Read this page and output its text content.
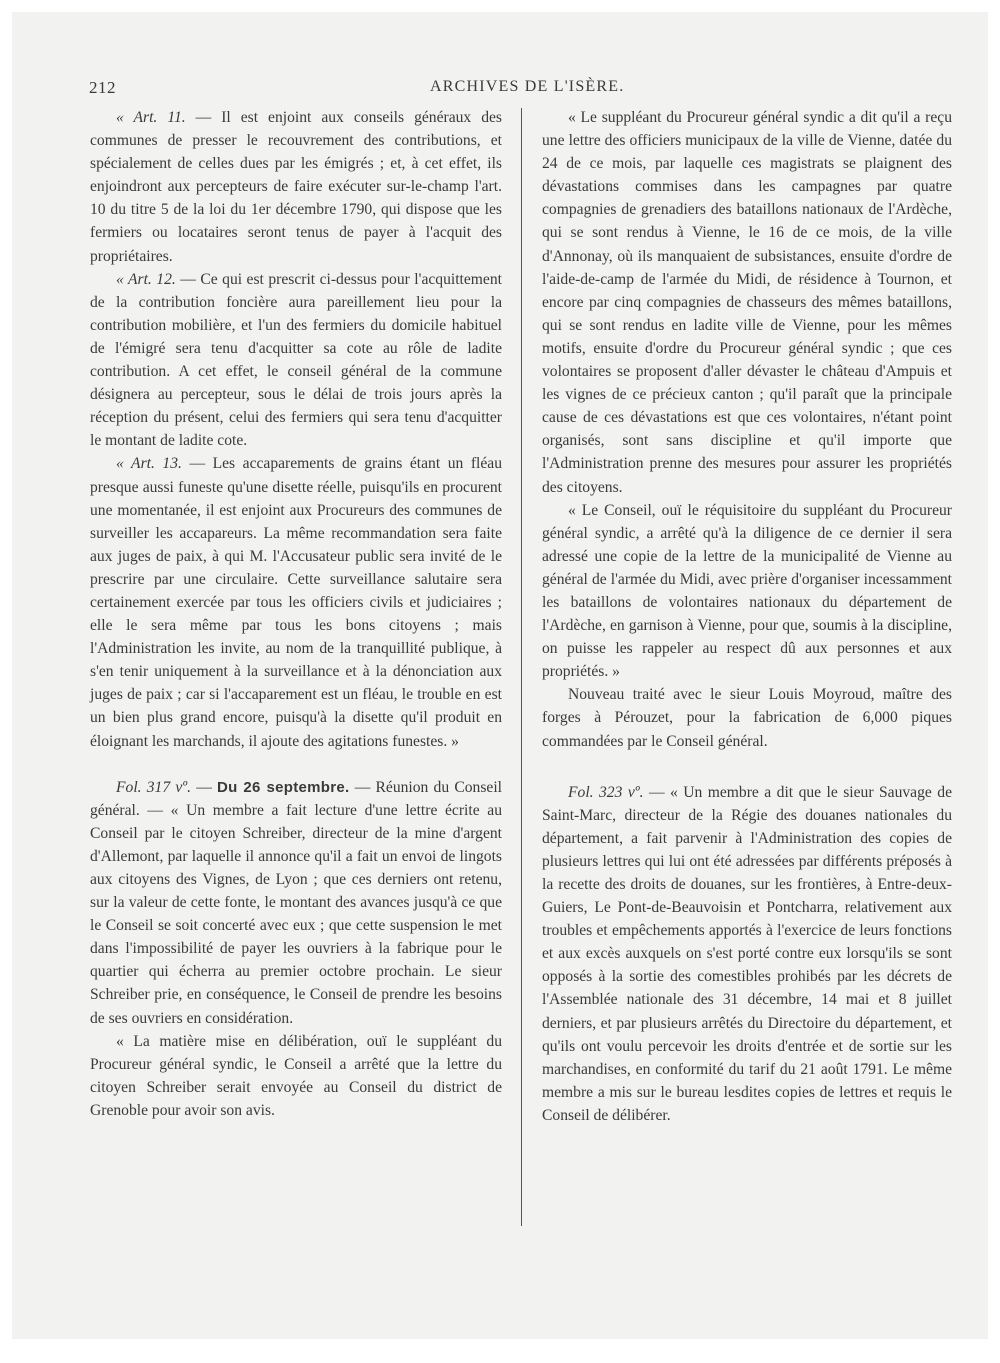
212	ARCHIVES DE L'ISÈRE.

« Art. 11. — Il est enjoint aux conseils généraux des communes de presser le recouvrement des contributions, et spécialement de celles dues par les émigrés ; et, à cet effet, ils enjoindront aux percepteurs de faire exécuter sur-le-champ l'art. 10 du titre 5 de la loi du 1er décembre 1790, qui dispose que les fermiers ou locataires seront tenus de payer à l'acquit des propriétaires.

« Art. 12. — Ce qui est prescrit ci-dessus pour l'acquittement de la contribution foncière aura pareillement lieu pour la contribution mobilière, et l'un des fermiers du domicile habituel de l'émigré sera tenu d'acquitter sa cote au rôle de ladite contribution. A cet effet, le conseil général de la commune désignera au percepteur, sous le délai de trois jours après la réception du présent, celui des fermiers qui sera tenu d'acquitter le montant de ladite cote.

« Art. 13. — Les accaparements de grains étant un fléau presque aussi funeste qu'une disette réelle, puisqu'ils en procurent une momentanée, il est enjoint aux Procureurs des communes de surveiller les accapareurs. La même recommandation sera faite aux juges de paix, à qui M. l'Accusateur public sera invité de le prescrire par une circulaire. Cette surveillance salutaire sera certainement exercée par tous les officiers civils et judiciaires ; elle le sera même par tous les bons citoyens ; mais l'Administration les invite, au nom de la tranquillité publique, à s'en tenir uniquement à la surveillance et à la dénonciation aux juges de paix ; car si l'accaparement est un fléau, le trouble en est un bien plus grand encore, puisqu'à la disette qu'il produit en éloignant les marchands, il ajoute des agitations funestes. »

Fol. 317 vº. — Du 26 septembre. — Réunion du Conseil général. — « Un membre a fait lecture d'une lettre écrite au Conseil par le citoyen Schreiber, directeur de la mine d'argent d'Allemont, par laquelle il annonce qu'il a fait un envoi de lingots aux citoyens des Vignes, de Lyon ; que ces derniers ont retenu, sur la valeur de cette fonte, le montant des avances jusqu'à ce que le Conseil se soit concerté avec eux ; que cette suspension le met dans l'impossibilité de payer les ouvriers à la fabrique pour le quartier qui écherra au premier octobre prochain. Le sieur Schreiber prie, en conséquence, le Conseil de prendre les besoins de ses ouvriers en considération.

« La matière mise en délibération, ouï le suppléant du Procureur général syndic, le Conseil a arrêté que la lettre du citoyen Schreiber serait envoyée au Conseil du district de Grenoble pour avoir son avis.

« Le suppléant du Procureur général syndic a dit qu'il a reçu une lettre des officiers municipaux de la ville de Vienne, datée du 24 de ce mois, par laquelle ces magistrats se plaignent des dévastations commises dans les campagnes par quatre compagnies de grenadiers des bataillons nationaux de l'Ardèche, qui se sont rendus à Vienne, le 16 de ce mois, de la ville d'Annonay, où ils manquaient de subsistances, ensuite d'ordre de l'aide-de-camp de l'armée du Midi, de résidence à Tournon, et encore par cinq compagnies de chasseurs des mêmes bataillons, qui se sont rendus en ladite ville de Vienne, pour les mêmes motifs, ensuite d'ordre du Procureur général syndic ; que ces volontaires se proposent d'aller dévaster le château d'Ampuis et les vignes de ce précieux canton ; qu'il paraît que la principale cause de ces dévastations est que ces volontaires, n'étant point organisés, sont sans discipline et qu'il importe que l'Administration prenne des mesures pour assurer les propriétés des citoyens.

« Le Conseil, ouï le réquisitoire du suppléant du Procureur général syndic, a arrêté qu'à la diligence de ce dernier il sera adressé une copie de la lettre de la municipalité de Vienne au général de l'armée du Midi, avec prière d'organiser incessamment les bataillons de volontaires nationaux du département de l'Ardèche, en garnison à Vienne, pour que, soumis à la discipline, on puisse les rappeler au respect dû aux personnes et aux propriétés. »

Nouveau traité avec le sieur Louis Moyroud, maître des forges à Pérouzet, pour la fabrication de 6,000 piques commandées par le Conseil général.

Fol. 323 vº. — « Un membre a dit que le sieur Sauvage de Saint-Marc, directeur de la Régie des douanes nationales du département, a fait parvenir à l'Administration des copies de plusieurs lettres qui lui ont été adressées par différents préposés à la recette des droits de douanes, sur les frontières, à Entre-deux-Guiers, Le Pont-de-Beauvoisin et Pontcharra, relativement aux troubles et empêchements apportés à l'exercice de leurs fonctions et aux excès auxquels on s'est porté contre eux lorsqu'ils se sont opposés à la sortie des comestibles prohibés par les décrets de l'Assemblée nationale des 31 décembre, 14 mai et 8 juillet derniers, et par plusieurs arrêtés du Directoire du département, et qu'ils ont voulu percevoir les droits d'entrée et de sortie sur les marchandises, en conformité du tarif du 21 août 1791. Le même membre a mis sur le bureau lesdites copies de lettres et requis le Conseil de délibérer.
